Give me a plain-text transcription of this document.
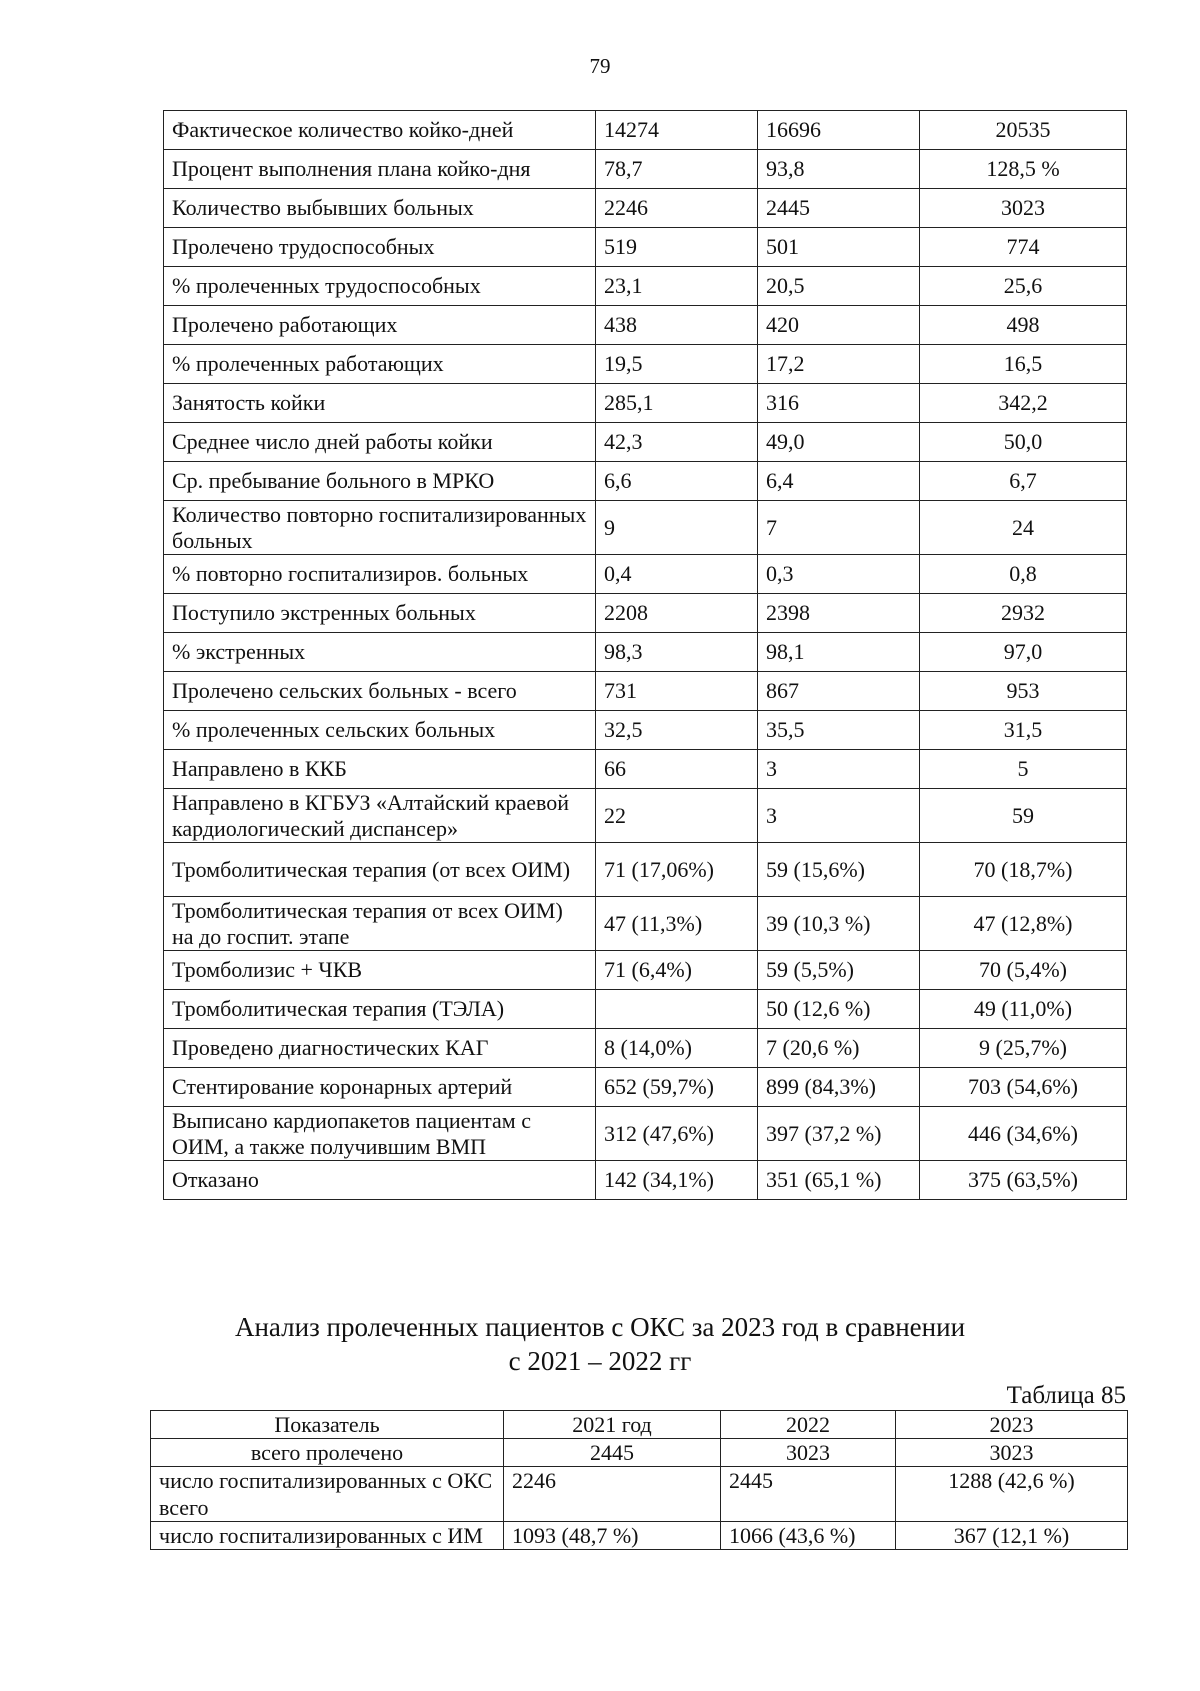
79
Фактическое количество койко-дней	14274	16696	20535
Процент выполнения плана койко-дня	78,7	93,8	128,5 %
Количество выбывших больных	2246	2445	3023
Пролечено трудоспособных	519	501	774
% пролеченных трудоспособных	23,1	20,5	25,6
Пролечено работающих	438	420	498
% пролеченных работающих	19,5	17,2	16,5
Занятость койки	285,1	316	342,2
Среднее число дней работы койки	42,3	49,0	50,0
Ср. пребывание больного в МРКО	6,6	6,4	6,7
Количество повторно госпитализированных больных	9	7	24
% повторно госпитализиров. больных	0,4	0,3	0,8
Поступило экстренных больных	2208	2398	2932
% экстренных	98,3	98,1	97,0
Пролечено сельских больных - всего	731	867	953
% пролеченных сельских больных	32,5	35,5	31,5
Направлено в ККБ	66	3	5
Направлено в КГБУЗ «Алтайский краевой кардиологический диспансер»	22	3	59
Тромболитическая терапия (от всех ОИМ)	71 (17,06%)	59 (15,6%)	70 (18,7%)
Тромболитическая терапия от всех ОИМ) на до госпит. этапе	47 (11,3%)	39 (10,3 %)	47 (12,8%)
Тромболизис + ЧКВ	71 (6,4%)	59 (5,5%)	70 (5,4%)
Тромболитическая терапия (ТЭЛА)		50 (12,6 %)	49 (11,0%)
Проведено диагностических КАГ	8 (14,0%)	7 (20,6 %)	9 (25,7%)
Стентирование коронарных артерий	652 (59,7%)	899 (84,3%)	703 (54,6%)
Выписано кардиопакетов пациентам с ОИМ, а также получившим ВМП	312 (47,6%)	397 (37,2 %)	446 (34,6%)
Отказано	142 (34,1%)	351 (65,1 %)	375 (63,5%)
Анализ пролеченных пациентов с ОКС за 2023 год в сравнении
с 2021 – 2022 гг
Таблица 85
Показатель	2021 год	2022	2023
всего пролечено	2445	3023	3023
число госпитализированных с ОКС всего	2246	2445	1288 (42,6 %)
число госпитализированных с ИМ	1093 (48,7 %)	1066 (43,6 %)	367 (12,1 %)
